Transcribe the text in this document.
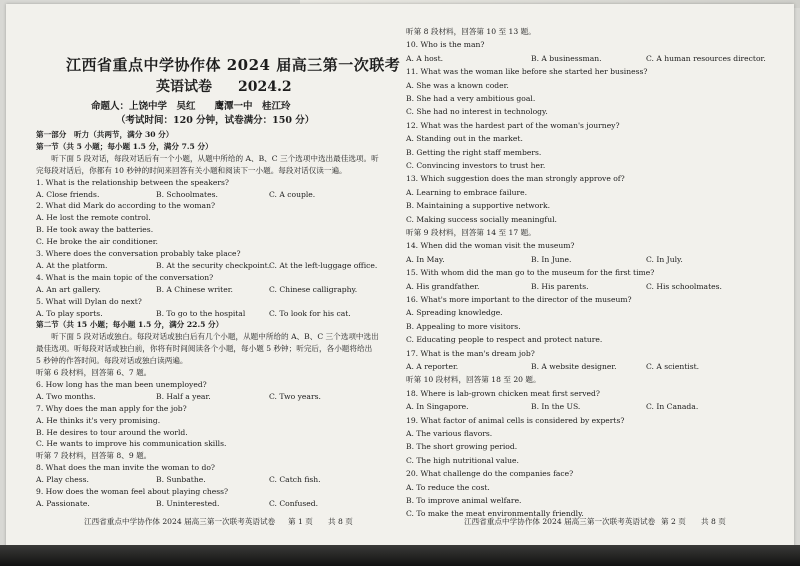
江西省重点中学协作体 2024 届高三第一次联考
英语试卷 2024.2
命题人：上饶中学　吴红　　鹰潭一中　桂江玲
（考试时间：120 分钟，试卷满分：150 分）
第一部分　听力（共两节，满分 30 分）
第一节（共 5 小题；每小题 1.5 分，满分 7.5 分）
　　听下面 5 段对话，每段对话后有一个小题，从题中所给的 A、B、C 三个选项中选出最佳选项。听
完每段对话后，你都有 10 秒钟的时间来回答有关小题和阅读下一小题。每段对话仅读一遍。
1. What is the relationship between the speakers?
A. Close friends.	B. Schoolmates.	C. A couple.
2. What did Mark do according to the woman?
A. He lost the remote control.
B. He took away the batteries.
C. He broke the air conditioner.
3. Where does the conversation probably take place?
A. At the platform.	B. At the security checkpoint.
C. At the left-luggage office.
4. What is the main topic of the conversation?
A. An art gallery.	B. A Chinese writer.	C. Chinese calligraphy.
5. What will Dylan do next?
A. To play sports.	B. To go to the hospital	C. To look for his cat.
第二节（共 15 小题；每小题 1.5 分，满分 22.5 分）
　　听下面 5 段对话或独白。每段对话或独白后有几个小题，从题中所给的 A、B、C 三个选项中选出
最佳选项。听每段对话或独白前，你将有时间阅读各个小题，每小题 5 秒钟；听完后，各小题将给出
5 秒钟的作答时间。每段对话或独白读两遍。
听第 6 段材料，回答第 6、7 题。
6. How long has the man been unemployed?
A. Two months.	B. Half a year.	C. Two years.
7. Why does the man apply for the job?
A. He thinks it's very promising.
B. He desires to tour around the world.
C. He wants to improve his communication skills.
听第 7 段材料，回答第 8、9 题。
8. What does the man invite the woman to do?
A. Play chess.	B. Sunbathe.	C. Catch fish.
9. How does the woman feel about playing chess?
A. Passionate.	B. Uninterested.	C. Confused.
听第 8 段材料，回答第 10 至 13 题。
10. Who is the man?
A. A host.	B. A businessman.	C. A human resources director.
11. What was the woman like before she started her business?
A. She was a known coder.
B. She had a very ambitious goal.
C. She had no interest in technology.
12. What was the hardest part of the woman's journey?
A. Standing out in the market.
B. Getting the right staff members.
C. Convincing investors to trust her.
13. Which suggestion does the man strongly approve of?
A. Learning to embrace failure.
B. Maintaining a supportive network.
C. Making success socially meaningful.
听第 9 段材料，回答第 14 至 17 题。
14. When did the woman visit the museum?
A. In May.	B. In June.	C. In July.
15. With whom did the man go to the museum for the first time?
A. His grandfather.	B. His parents.	C. His schoolmates.
16. What's more important to the director of the museum?
A. Spreading knowledge.
B. Appealing to more visitors.
C. Educating people to respect and protect nature.
17. What is the man's dream job?
A. A reporter.	B. A website designer.	C. A scientist.
听第 10 段材料，回答第 18 至 20 题。
18. Where is lab-grown chicken meat first served?
A. In Singapore.	B. In the US.	C. In Canada.
19. What factor of animal cells is considered by experts?
A. The various flavors.
B. The short growing period.
C. The high nutritional value.
20. What challenge do the companies face?
A. To reduce the cost.
B. To improve animal welfare.
C. To make the meat environmentally friendly.
江西省重点中学协作体 2024 届高三第一次联考英语试卷 第 1 页　　共 8 页	江西省重点中学协作体 2024 届高三第一次联考英语试卷 第 2 页　　共 8 页
